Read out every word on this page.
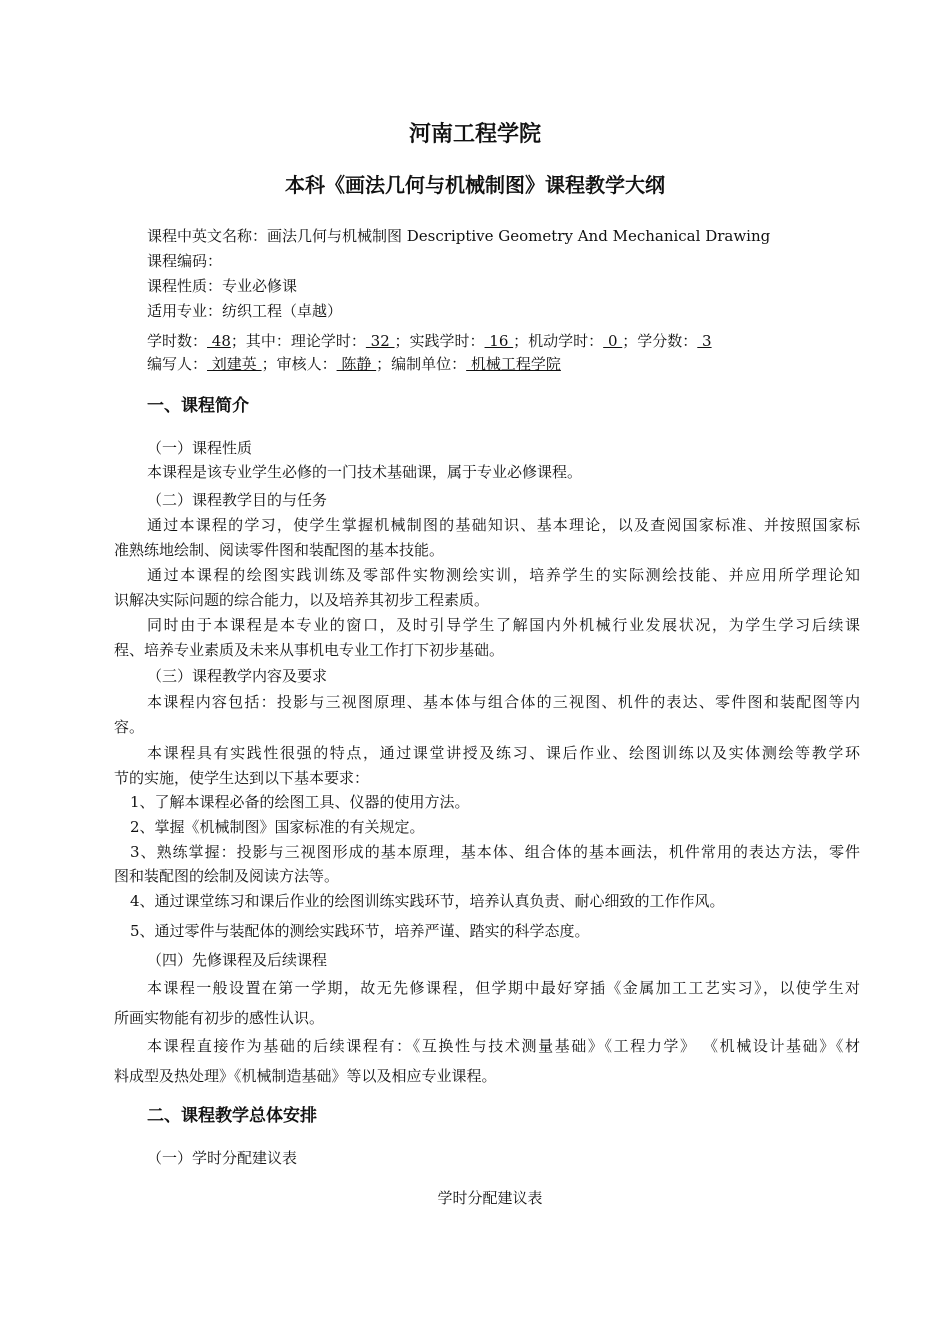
河南工程学院
本科《画法几何与机械制图》课程教学大纲
课程中英文名称：画法几何与机械制图 Descriptive Geometry And Mechanical Drawing
课程编码：
课程性质：专业必修课
适用专业：纺织工程（卓越）
学时数： 48；其中：理论学时： 32 ；实践学时： 16 ；机动学时： 0 ；学分数： 3
编写人： 刘建英 ；审核人： 陈静 ；编制单位： 机械工程学院
一、课程简介
（一）课程性质
本课程是该专业学生必修的一门技术基础课，属于专业必修课程。
（二）课程教学目的与任务
通过本课程的学习，使学生掌握机械制图的基础知识、基本理论，以及查阅国家标准、并按照国家标
准熟练地绘制、阅读零件图和装配图的基本技能。
通过本课程的绘图实践训练及零部件实物测绘实训，培养学生的实际测绘技能、并应用所学理论知
识解决实际问题的综合能力，以及培养其初步工程素质。
同时由于本课程是本专业的窗口，及时引导学生了解国内外机械行业发展状况，为学生学习后续课
程、培养专业素质及未来从事机电专业工作打下初步基础。
（三）课程教学内容及要求
本课程内容包括：投影与三视图原理、基本体与组合体的三视图、机件的表达、零件图和装配图等内
容。
本课程具有实践性很强的特点，通过课堂讲授及练习、课后作业、绘图训练以及实体测绘等教学环
节的实施，使学生达到以下基本要求：
1、了解本课程必备的绘图工具、仪器的使用方法。
2、掌握《机械制图》国家标准的有关规定。
3、熟练掌握：投影与三视图形成的基本原理，基本体、组合体的基本画法，机件常用的表达方法，零件
图和装配图的绘制及阅读方法等。
4、通过课堂练习和课后作业的绘图训练实践环节，培养认真负责、耐心细致的工作作风。
5、通过零件与装配体的测绘实践环节，培养严谨、踏实的科学态度。
（四）先修课程及后续课程
本课程一般设置在第一学期，故无先修课程，但学期中最好穿插《金属加工工艺实习》，以使学生对
所画实物能有初步的感性认识。
本课程直接作为基础的后续课程有：《互换性与技术测量基础》《工程力学》 《机械设计基础》《材
料成型及热处理》《机械制造基础》等以及相应专业课程。
二、课程教学总体安排
（一）学时分配建议表
学时分配建议表
